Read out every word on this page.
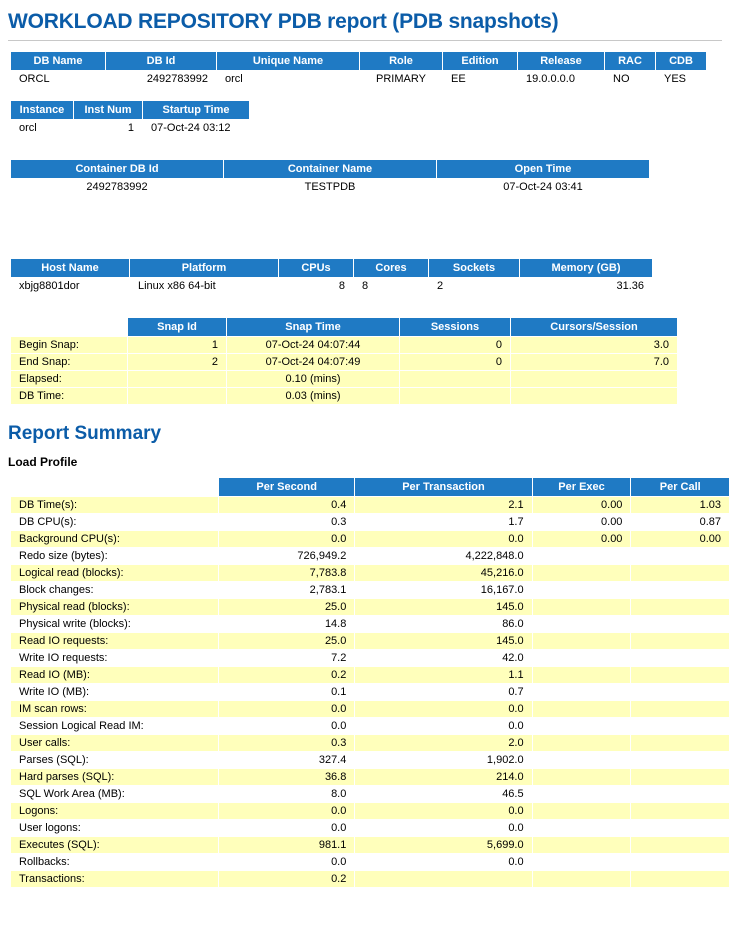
WORKLOAD REPOSITORY PDB report (PDB snapshots)
DB Name	DB Id	Unique Name	Role	Edition	Release	RAC	CDB
ORCL	2492783992	orcl	PRIMARY	EE	19.0.0.0.0	NO	YES
Instance	Inst Num	Startup Time
orcl	1	07-Oct-24 03:12
Container DB Id	Container Name	Open Time
2492783992	TESTPDB	07-Oct-24 03:41
Host Name	Platform	CPUs	Cores	Sockets	Memory (GB)
xbjg8801dor	Linux x86 64-bit	8	8	2	31.36
	Snap Id	Snap Time	Sessions	Cursors/Session
Begin Snap:	1	07-Oct-24 04:07:44	0	3.0
End Snap:	2	07-Oct-24 04:07:49	0	7.0
Elapsed:		0.10 (mins)		
DB Time:		0.03 (mins)		
Report Summary
Load Profile
	Per Second	Per Transaction	Per Exec	Per Call
DB Time(s):	0.4	2.1	0.00	1.03
DB CPU(s):	0.3	1.7	0.00	0.87
Background CPU(s):	0.0	0.0	0.00	0.00
Redo size (bytes):	726,949.2	4,222,848.0		
Logical read (blocks):	7,783.8	45,216.0		
Block changes:	2,783.1	16,167.0		
Physical read (blocks):	25.0	145.0		
Physical write (blocks):	14.8	86.0		
Read IO requests:	25.0	145.0		
Write IO requests:	7.2	42.0		
Read IO (MB):	0.2	1.1		
Write IO (MB):	0.1	0.7		
IM scan rows:	0.0	0.0		
Session Logical Read IM:	0.0	0.0		
User calls:	0.3	2.0		
Parses (SQL):	327.4	1,902.0		
Hard parses (SQL):	36.8	214.0		
SQL Work Area (MB):	8.0	46.5		
Logons:	0.0	0.0		
User logons:	0.0	0.0		
Executes (SQL):	981.1	5,699.0		
Rollbacks:	0.0	0.0		
Transactions:	0.2			
